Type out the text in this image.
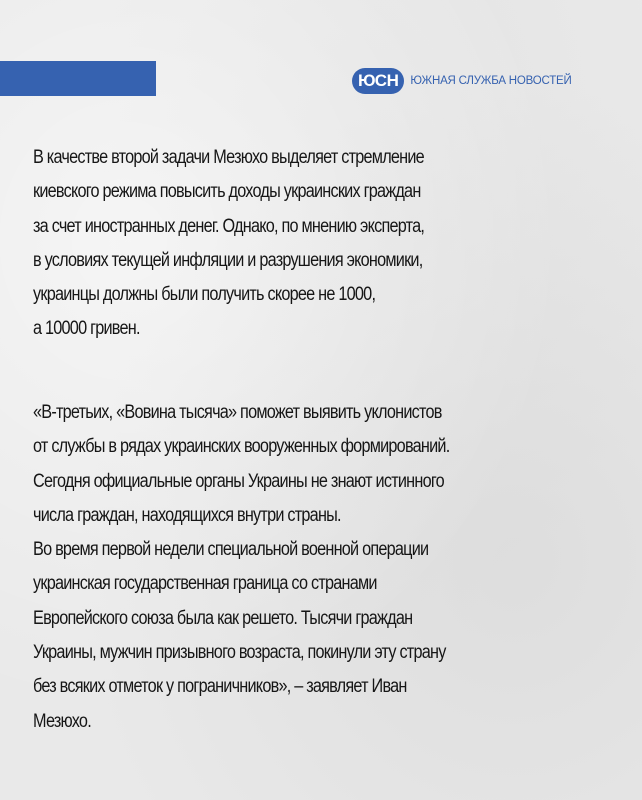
ЮСН	ЮЖНАЯ СЛУЖБА НОВОСТЕЙ
В качестве второй задачи Мезюхо выделяет стремление
киевского режима повысить доходы украинских граждан
за счет иностранных денег. Однако, по мнению эксперта,
в условиях текущей инфляции и разрушения экономики,
украинцы должны были получить скорее не 1000,
а 10000 гривен.
«В-третьих, «Вовина тысяча» поможет выявить уклонистов
от службы в рядах украинских вооруженных формирований.
Сегодня официальные органы Украины не знают истинного
числа граждан, находящихся внутри страны.
Во время первой недели специальной военной операции
украинская государственная граница со странами
Европейского союза была как решето. Тысячи граждан
Украины, мужчин призывного возраста, покинули эту страну
без всяких отметок у пограничников», – заявляет Иван
Мезюхо.
